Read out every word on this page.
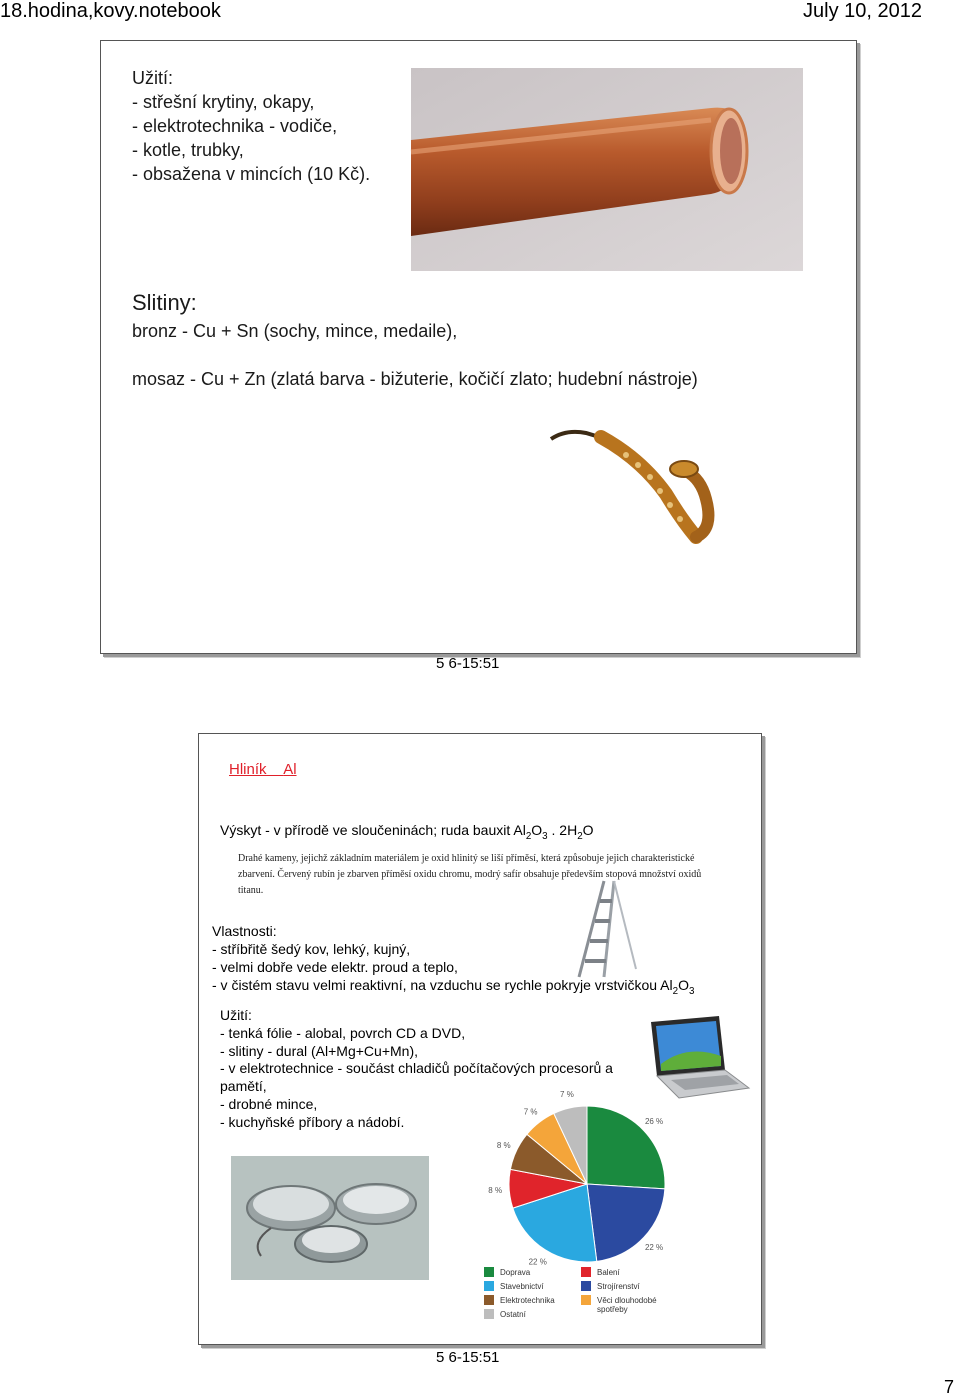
18.hodina,kovy.notebook	July 10, 2012
Užití:
- střešní krytiny, okapy,
- elektrotechnika - vodiče,
- kotle, trubky,
- obsažena v mincích (10 Kč).
Slitiny:
bronz - Cu + Sn (sochy, mince, medaile),
mosaz - Cu + Zn (zlatá barva - bižuterie, kočičí zlato; hudební nástroje)
5 6-15:51
Hliník Al
Výskyt - v přírodě ve sloučeninách; ruda bauxit $Al_2O_3$ . $2H_2O$
Drahé kameny, jejichž základním materiálem je oxid hlinitý se liší příměsí, která způsobuje jejich charakteristické zbarvení. Červený rubín je zbarven příměsí oxidu chromu, modrý safír obsahuje především stopová množství oxidů titanu.
Vlastnosti:
- stříbřitě šedý kov, lehký, kujný,
- velmi dobře vede elektr. proud a teplo,
- v čistém stavu velmi reaktivní, na vzduchu se rychle pokryje vrstvičkou $Al_2O_3$
Užití:
- tenká fólie - alobal, povrch CD a DVD,
- slitiny - dural (Al+Mg+Cu+Mn),
- v elektrotechnice - součást chladičů počítačových procesorů a
pamětí,
- drobné mince,
- kuchyňské příbory a nádobí.	26 %
22 %
22 %
8 %
8 %
7 %
7 %
Doprava	Balení
Stavebnictví	Strojírenství
Elektrotechnika	Věci dlouhodobé
spotřeby
Ostatní
5 6-15:51
7
